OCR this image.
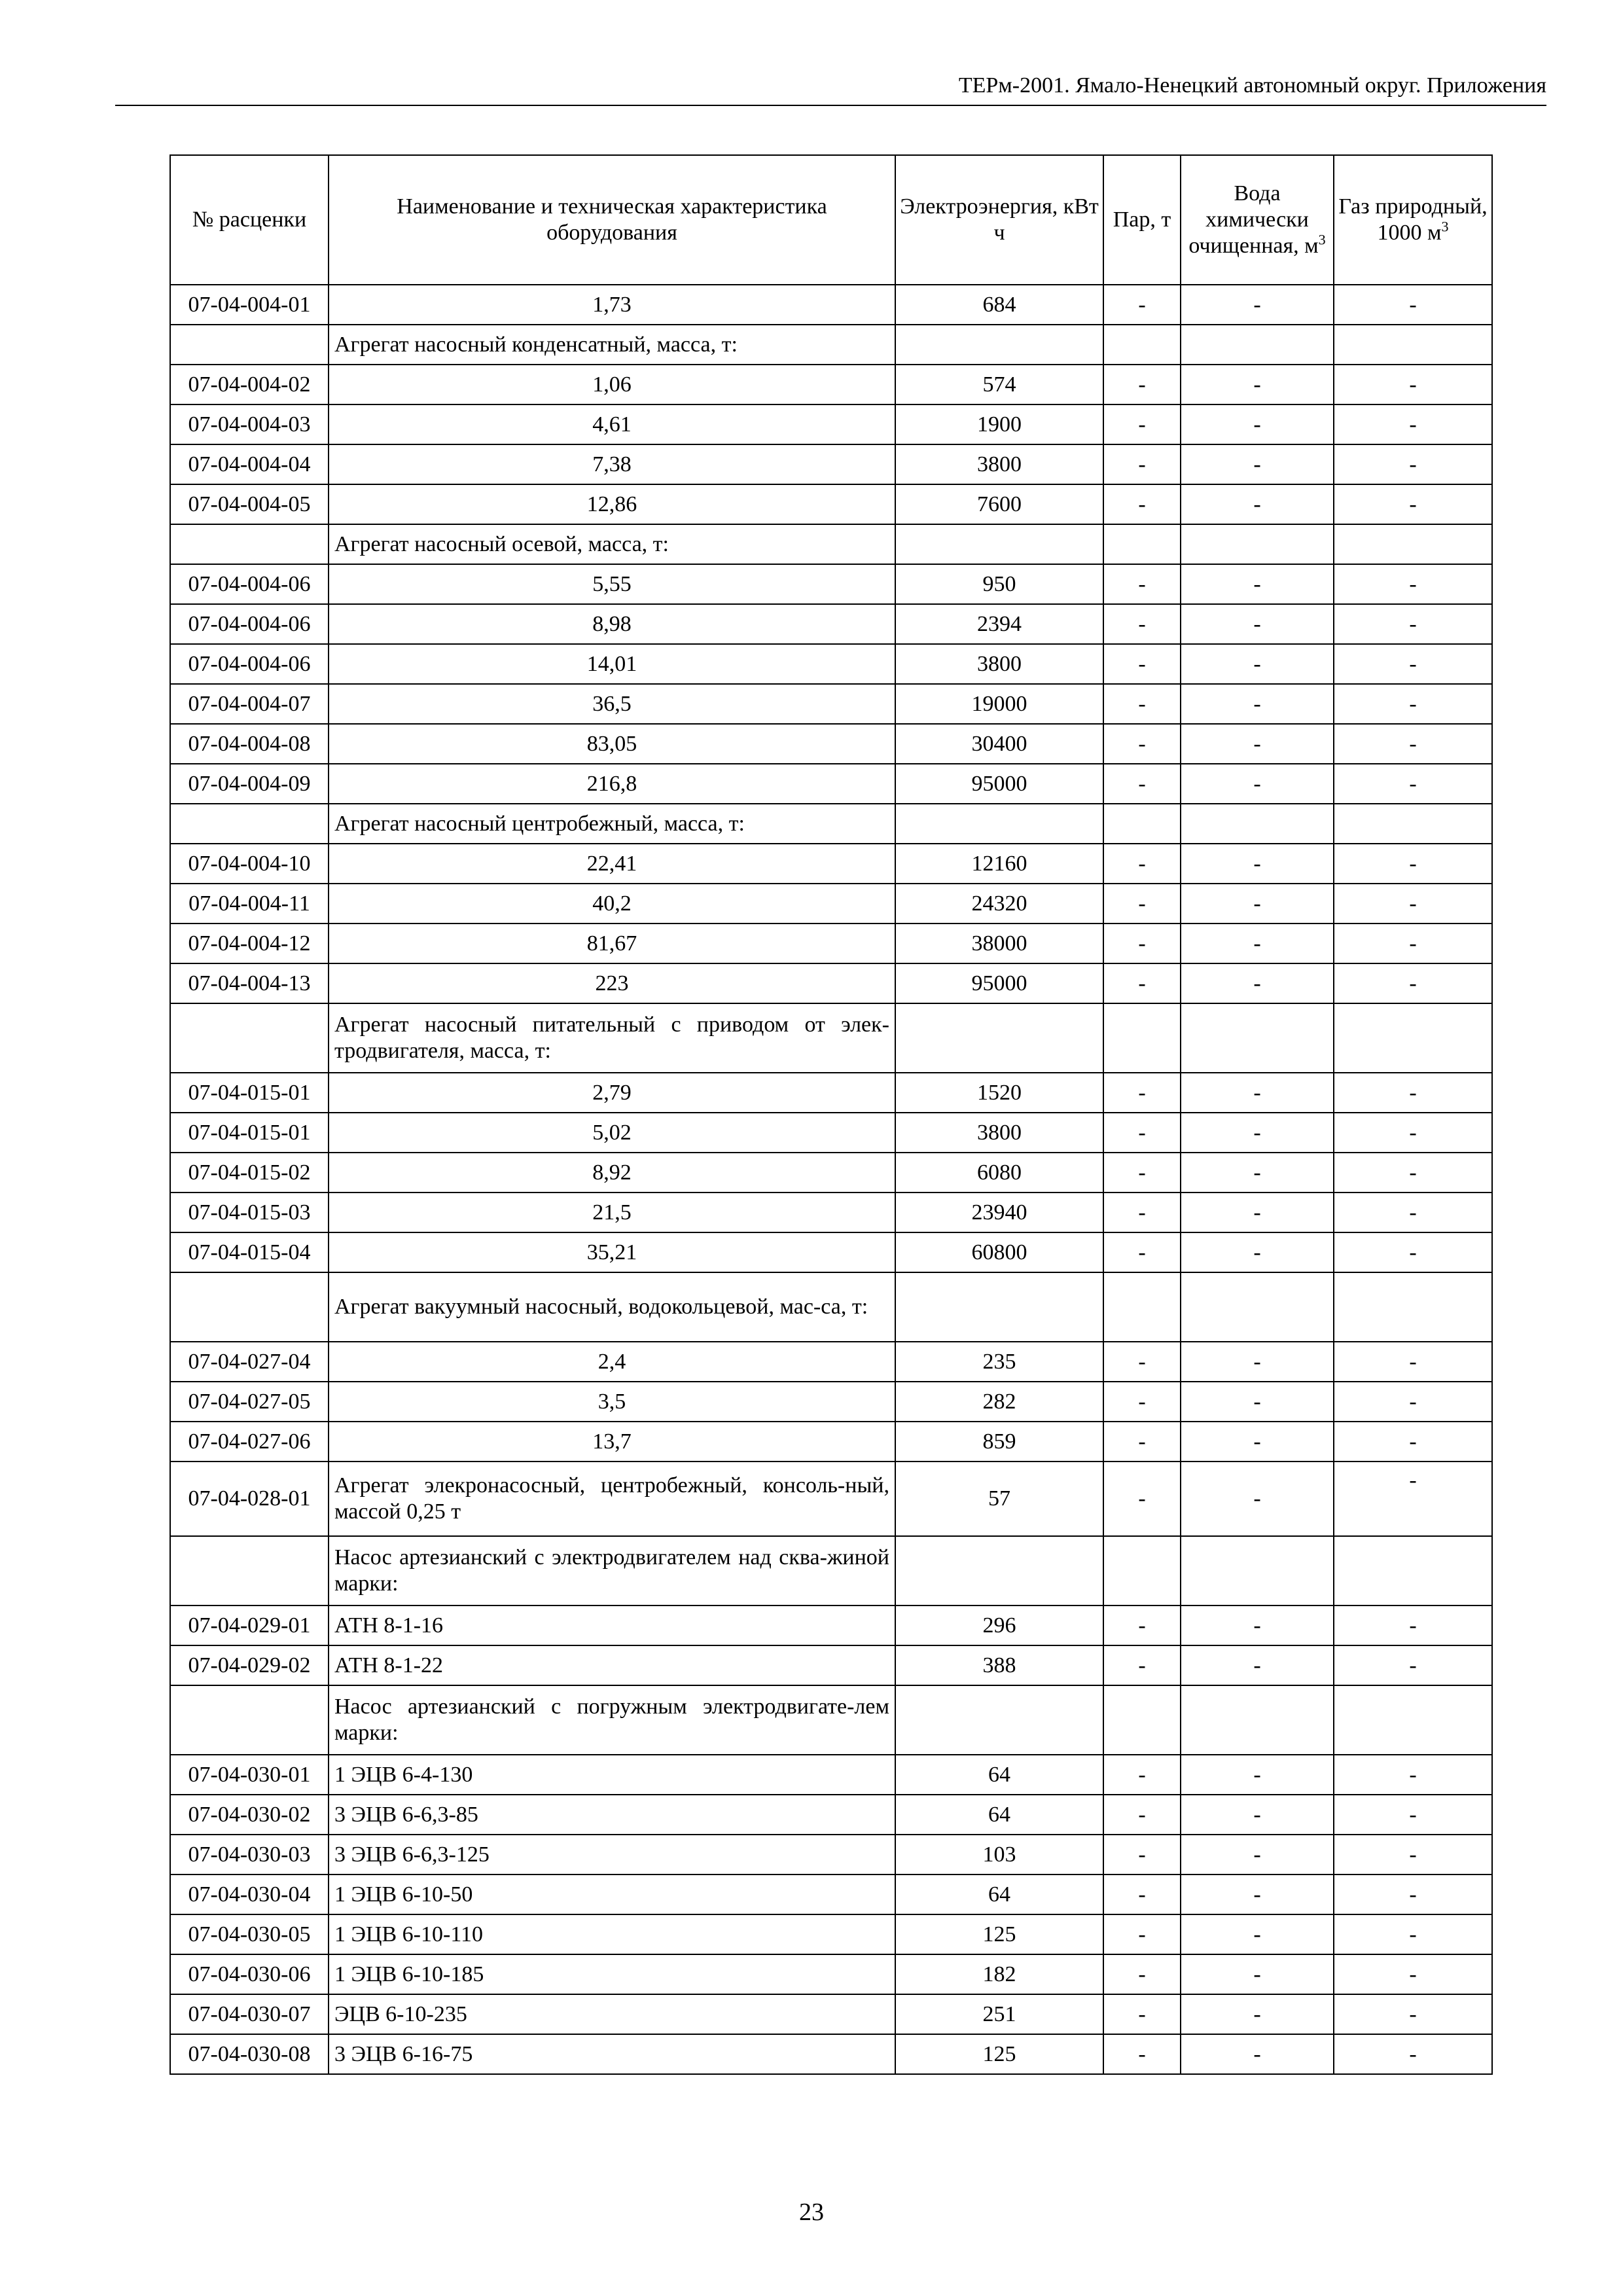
ТЕРм-2001. Ямало-Ненецкий автономный округ. Приложения
№ расценки	Наименование и техническая характеристика оборудования	Электроэнергия, кВт ч	Пар, т	Вода химически очищенная, $м^3$	Газ природный, 1000 $м^3$
07-04-004-01	1,73	684	-	-	-
	Агрегат насосный конденсатный, масса, т:				
07-04-004-02	1,06	574	-	-	-
07-04-004-03	4,61	1900	-	-	-
07-04-004-04	7,38	3800	-	-	-
07-04-004-05	12,86	7600	-	-	-
	Агрегат насосный осевой, масса, т:				
07-04-004-06	5,55	950	-	-	-
07-04-004-06	8,98	2394	-	-	-
07-04-004-06	14,01	3800	-	-	-
07-04-004-07	36,5	19000	-	-	-
07-04-004-08	83,05	30400	-	-	-
07-04-004-09	216,8	95000	-	-	-
	Агрегат насосный центробежный, масса, т:				
07-04-004-10	22,41	12160	-	-	-
07-04-004-11	40,2	24320	-	-	-
07-04-004-12	81,67	38000	-	-	-
07-04-004-13	223	95000	-	-	-
	Агрегат насосный питательный с приводом от элек-тродвигателя, масса, т:				
07-04-015-01	2,79	1520	-	-	-
07-04-015-01	5,02	3800	-	-	-
07-04-015-02	8,92	6080	-	-	-
07-04-015-03	21,5	23940	-	-	-
07-04-015-04	35,21	60800	-	-	-
	Агрегат вакуумный насосный, водокольцевой, мас-са, т:				
07-04-027-04	2,4	235	-	-	-
07-04-027-05	3,5	282	-	-	-
07-04-027-06	13,7	859	-	-	-
07-04-028-01	Агрегат элекронасосный, центробежный, консоль-ный, массой 0,25 т	57	-	-	-
	Насос артезианский с электродвигателем над сква-жиной марки:				
07-04-029-01	АТН 8-1-16	296	-	-	-
07-04-029-02	АТН 8-1-22	388	-	-	-
	Насос артезианский с погружным электродвигате-лем марки:				
07-04-030-01	1 ЭЦВ 6-4-130	64	-	-	-
07-04-030-02	3 ЭЦВ 6-6,3-85	64	-	-	-
07-04-030-03	3 ЭЦВ 6-6,3-125	103	-	-	-
07-04-030-04	1 ЭЦВ 6-10-50	64	-	-	-
07-04-030-05	1 ЭЦВ 6-10-110	125	-	-	-
07-04-030-06	1 ЭЦВ 6-10-185	182	-	-	-
07-04-030-07	ЭЦВ 6-10-235	251	-	-	-
07-04-030-08	3 ЭЦВ 6-16-75	125	-	-	-
23
